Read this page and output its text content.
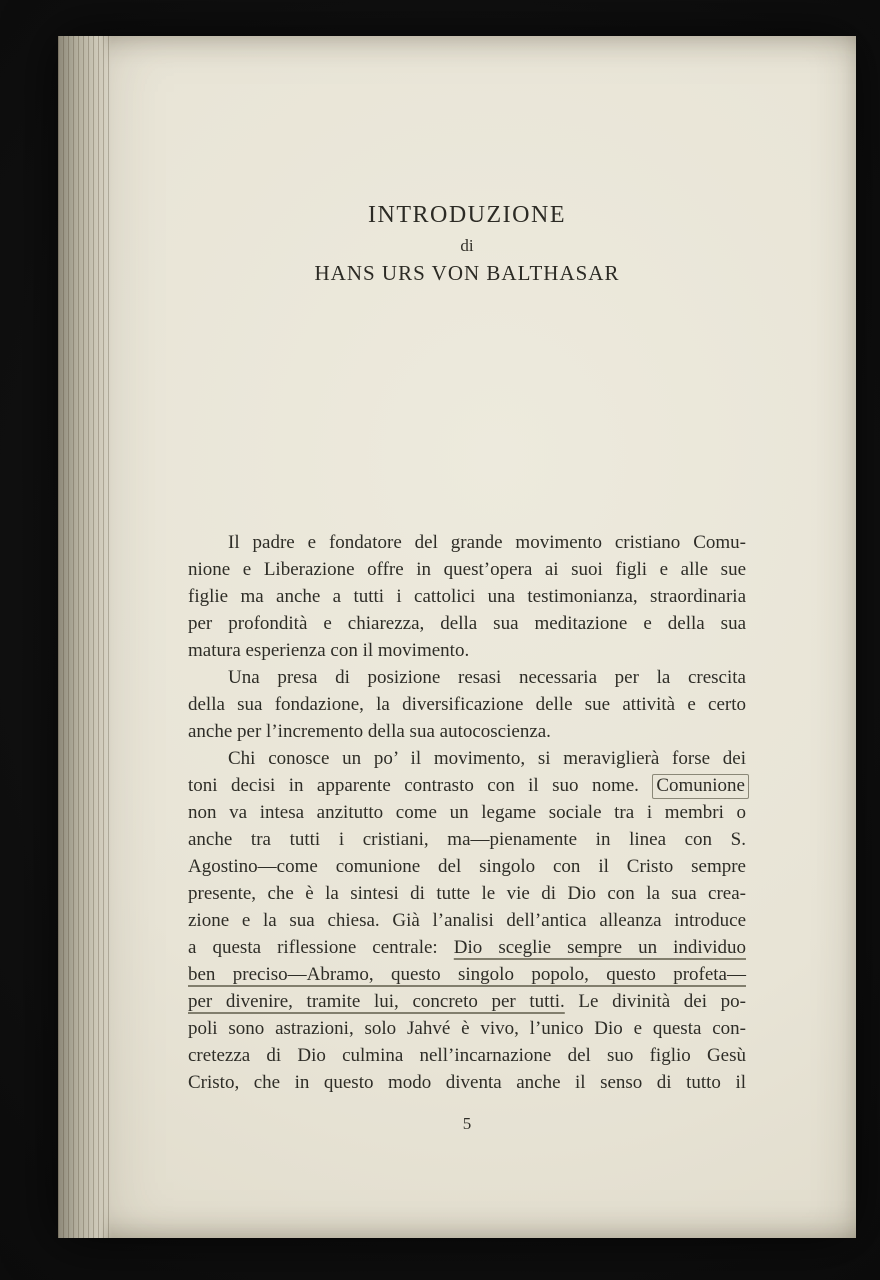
INTRODUZIONE
di
HANS URS VON BALTHASAR
Il padre e fondatore del grande movimento cristiano Comu-
nione e Liberazione offre in quest’opera ai suoi figli e alle sue
figlie ma anche a tutti i cattolici una testimonianza, straordinaria
per profondità e chiarezza, della sua meditazione e della sua
matura esperienza con il movimento.
Una presa di posizione resasi necessaria per la crescita
della sua fondazione, la diversificazione delle sue attività e certo
anche per l’incremento della sua autocoscienza.
Chi conosce un po’ il movimento, si meraviglierà forse dei
toni decisi in apparente contrasto con il suo nome. Comunione
non va intesa anzitutto come un legame sociale tra i membri o
anche tra tutti i cristiani, ma—pienamente in linea con S.
Agostino—come comunione del singolo con il Cristo sempre
presente, che è la sintesi di tutte le vie di Dio con la sua crea-
zione e la sua chiesa. Già l’analisi dell’antica alleanza introduce
a questa riflessione centrale: Dio sceglie sempre un individuo
ben preciso—Abramo, questo singolo popolo, questo profeta—
per divenire, tramite lui, concreto per tutti. Le divinità dei po-
poli sono astrazioni, solo Jahvé è vivo, l’unico Dio e questa con-
cretezza di Dio culmina nell’incarnazione del suo figlio Gesù
Cristo, che in questo modo diventa anche il senso di tutto il
5
